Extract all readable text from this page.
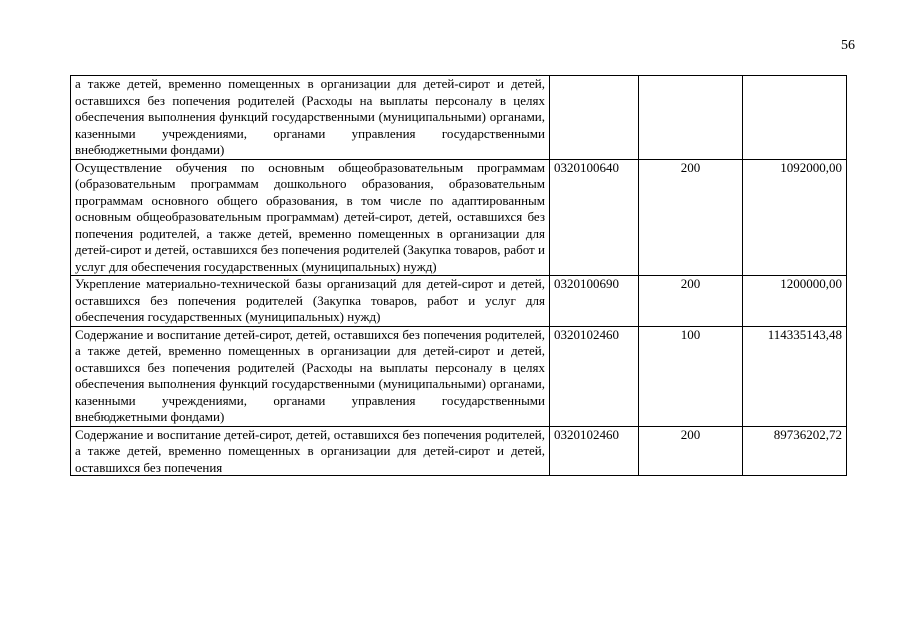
56
а также детей, временно помещенных в организации для детей-сирот и детей, оставшихся без попечения родителей (Расходы на выплаты персоналу в целях обеспечения выполнения функций государственными (муниципальными) органами, казенными учреждениями, органами управления государственными внебюджетными фондами)			

Осуществление обучения по основным общеобразовательным программам (образовательным программам дошкольного образования, образовательным программам основного общего образования, в том числе по адаптированным основным общеобразовательным программам) детей-сирот, детей, оставшихся без попечения родителей, а также детей, временно помещенных в организации для детей-сирот и детей, оставшихся без попечения родителей (Закупка товаров, работ и услуг для обеспечения государственных (муниципальных) нужд)	0320100640	200	1092000,00

Укрепление материально-технической базы организаций для детей-сирот и детей, оставшихся без попечения родителей (Закупка товаров, работ и услуг для обеспечения государственных (муниципальных) нужд)	0320100690	200	1200000,00

Содержание и воспитание детей-сирот, детей, оставшихся без попечения родителей, а также детей, временно помещенных в организации для детей-сирот и детей, оставшихся без попечения родителей (Расходы на выплаты персоналу в целях обеспечения выполнения функций государственными (муниципальными) органами, казенными учреждениями, органами управления государственными внебюджетными фондами)	0320102460	100	114335143,48

Содержание и воспитание детей-сирот, детей, оставшихся без попечения родителей, а также детей, временно помещенных в организации для детей-сирот и детей, оставшихся без попечения	0320102460	200	89736202,72
